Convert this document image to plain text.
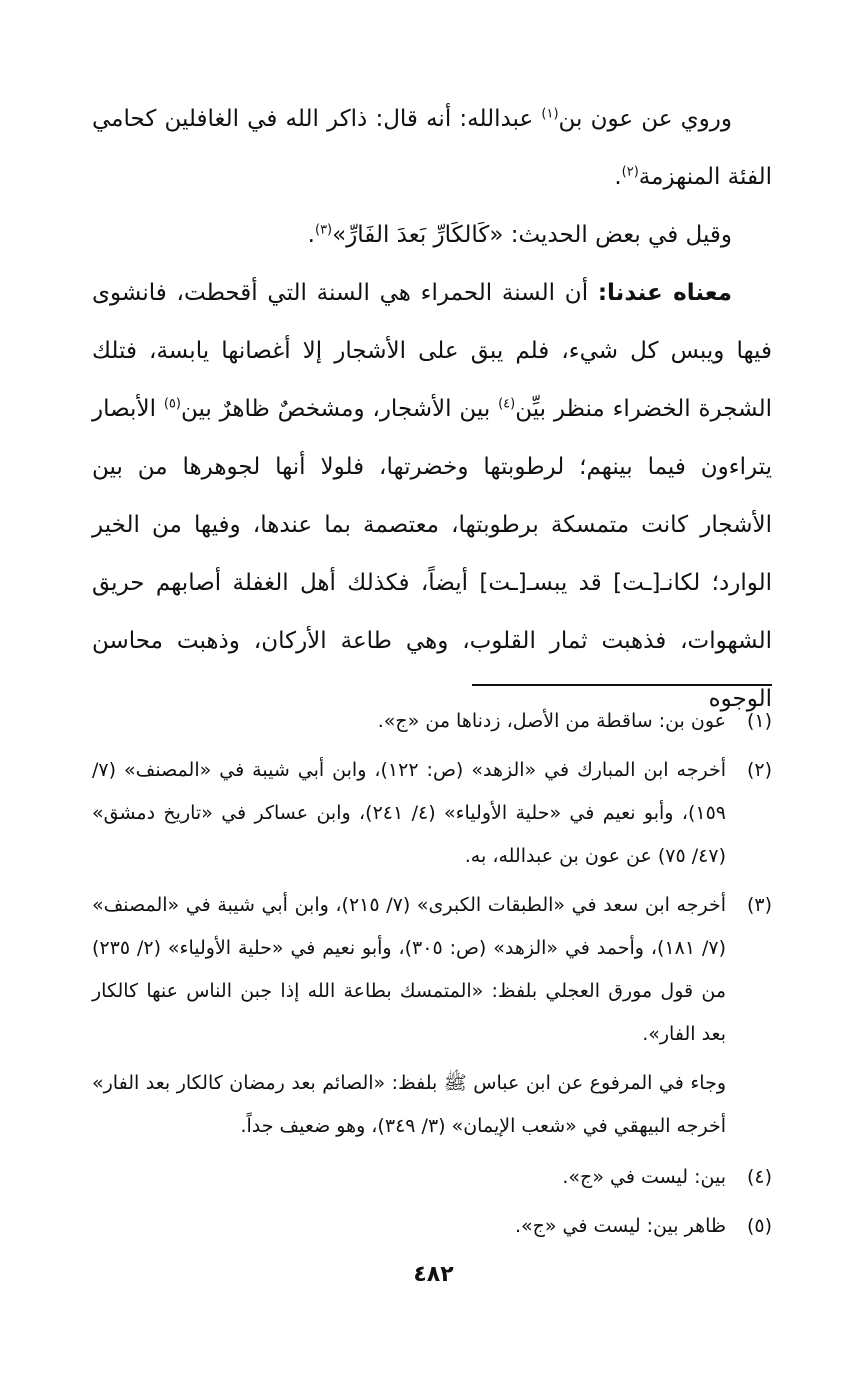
وروي عن عون بن$^{(١)}$ عبدالله: أنه قال: ذاكر الله في الغافلين كحامي الفئة المنهزمة$^{(٢)}$.

وقيل في بعض الحديث: «كَالكَارِّ بَعدَ الفَارِّ»$^{(٣)}$.

معناه عندنا: أن السنة الحمراء هي السنة التي أقحطت، فانشوى فيها ويبس كل شيء، فلم يبق على الأشجار إلا أغصانها يابسة، فتلك الشجرة الخضراء منظر بيِّن$^{(٤)}$ بين الأشجار، ومشخصٌ ظاهرٌ بين$^{(٥)}$ الأبصار يتراءون فيما بينهم؛ لرطوبتها وخضرتها، فلولا أنها لجوهرها من بين الأشجار كانت متمسكة برطوبتها، معتصمة بما عندها، وفيها من الخير الوارد؛ لكانـ[ـت] قد يبسـ[ـت] أيضاً، فكذلك أهل الغفلة أصابهم حريق الشهوات، فذهبت ثمار القلوب، وهي طاعة الأركان، وذهبت محاسن الوجوه

(١)
عون بن: ساقطة من الأصل، زدناها من «ج».
(٢)
أخرجه ابن المبارك في «الزهد» (ص: ١٢٢)، وابن أبي شيبة في «المصنف» (٧/ ١٥٩)، وأبو نعيم في «حلية الأولياء» (٤/ ٢٤١)، وابن عساكر في «تاريخ دمشق» (٤٧/ ٧٥) عن عون بن عبدالله، به.
(٣)
أخرجه ابن سعد في «الطبقات الكبرى» (٧/ ٢١٥)، وابن أبي شيبة في «المصنف» (٧/ ١٨١)، وأحمد في «الزهد» (ص: ٣٠٥)، وأبو نعيم في «حلية الأولياء» (٢/ ٢٣٥) من قول مورق العجلي بلفظ: «المتمسك بطاعة الله إذا جبن الناس عنها كالكار بعد الفار».
وجاء في المرفوع عن ابن عباس ﷺ بلفظ: «الصائم بعد رمضان كالكار بعد الفار» أخرجه البيهقي في «شعب الإيمان» (٣/ ٣٤٩)، وهو ضعيف جداً.
(٤)
بين: ليست في «ج».
(٥)
ظاهر بين: ليست في «ج».
٤٨٢
